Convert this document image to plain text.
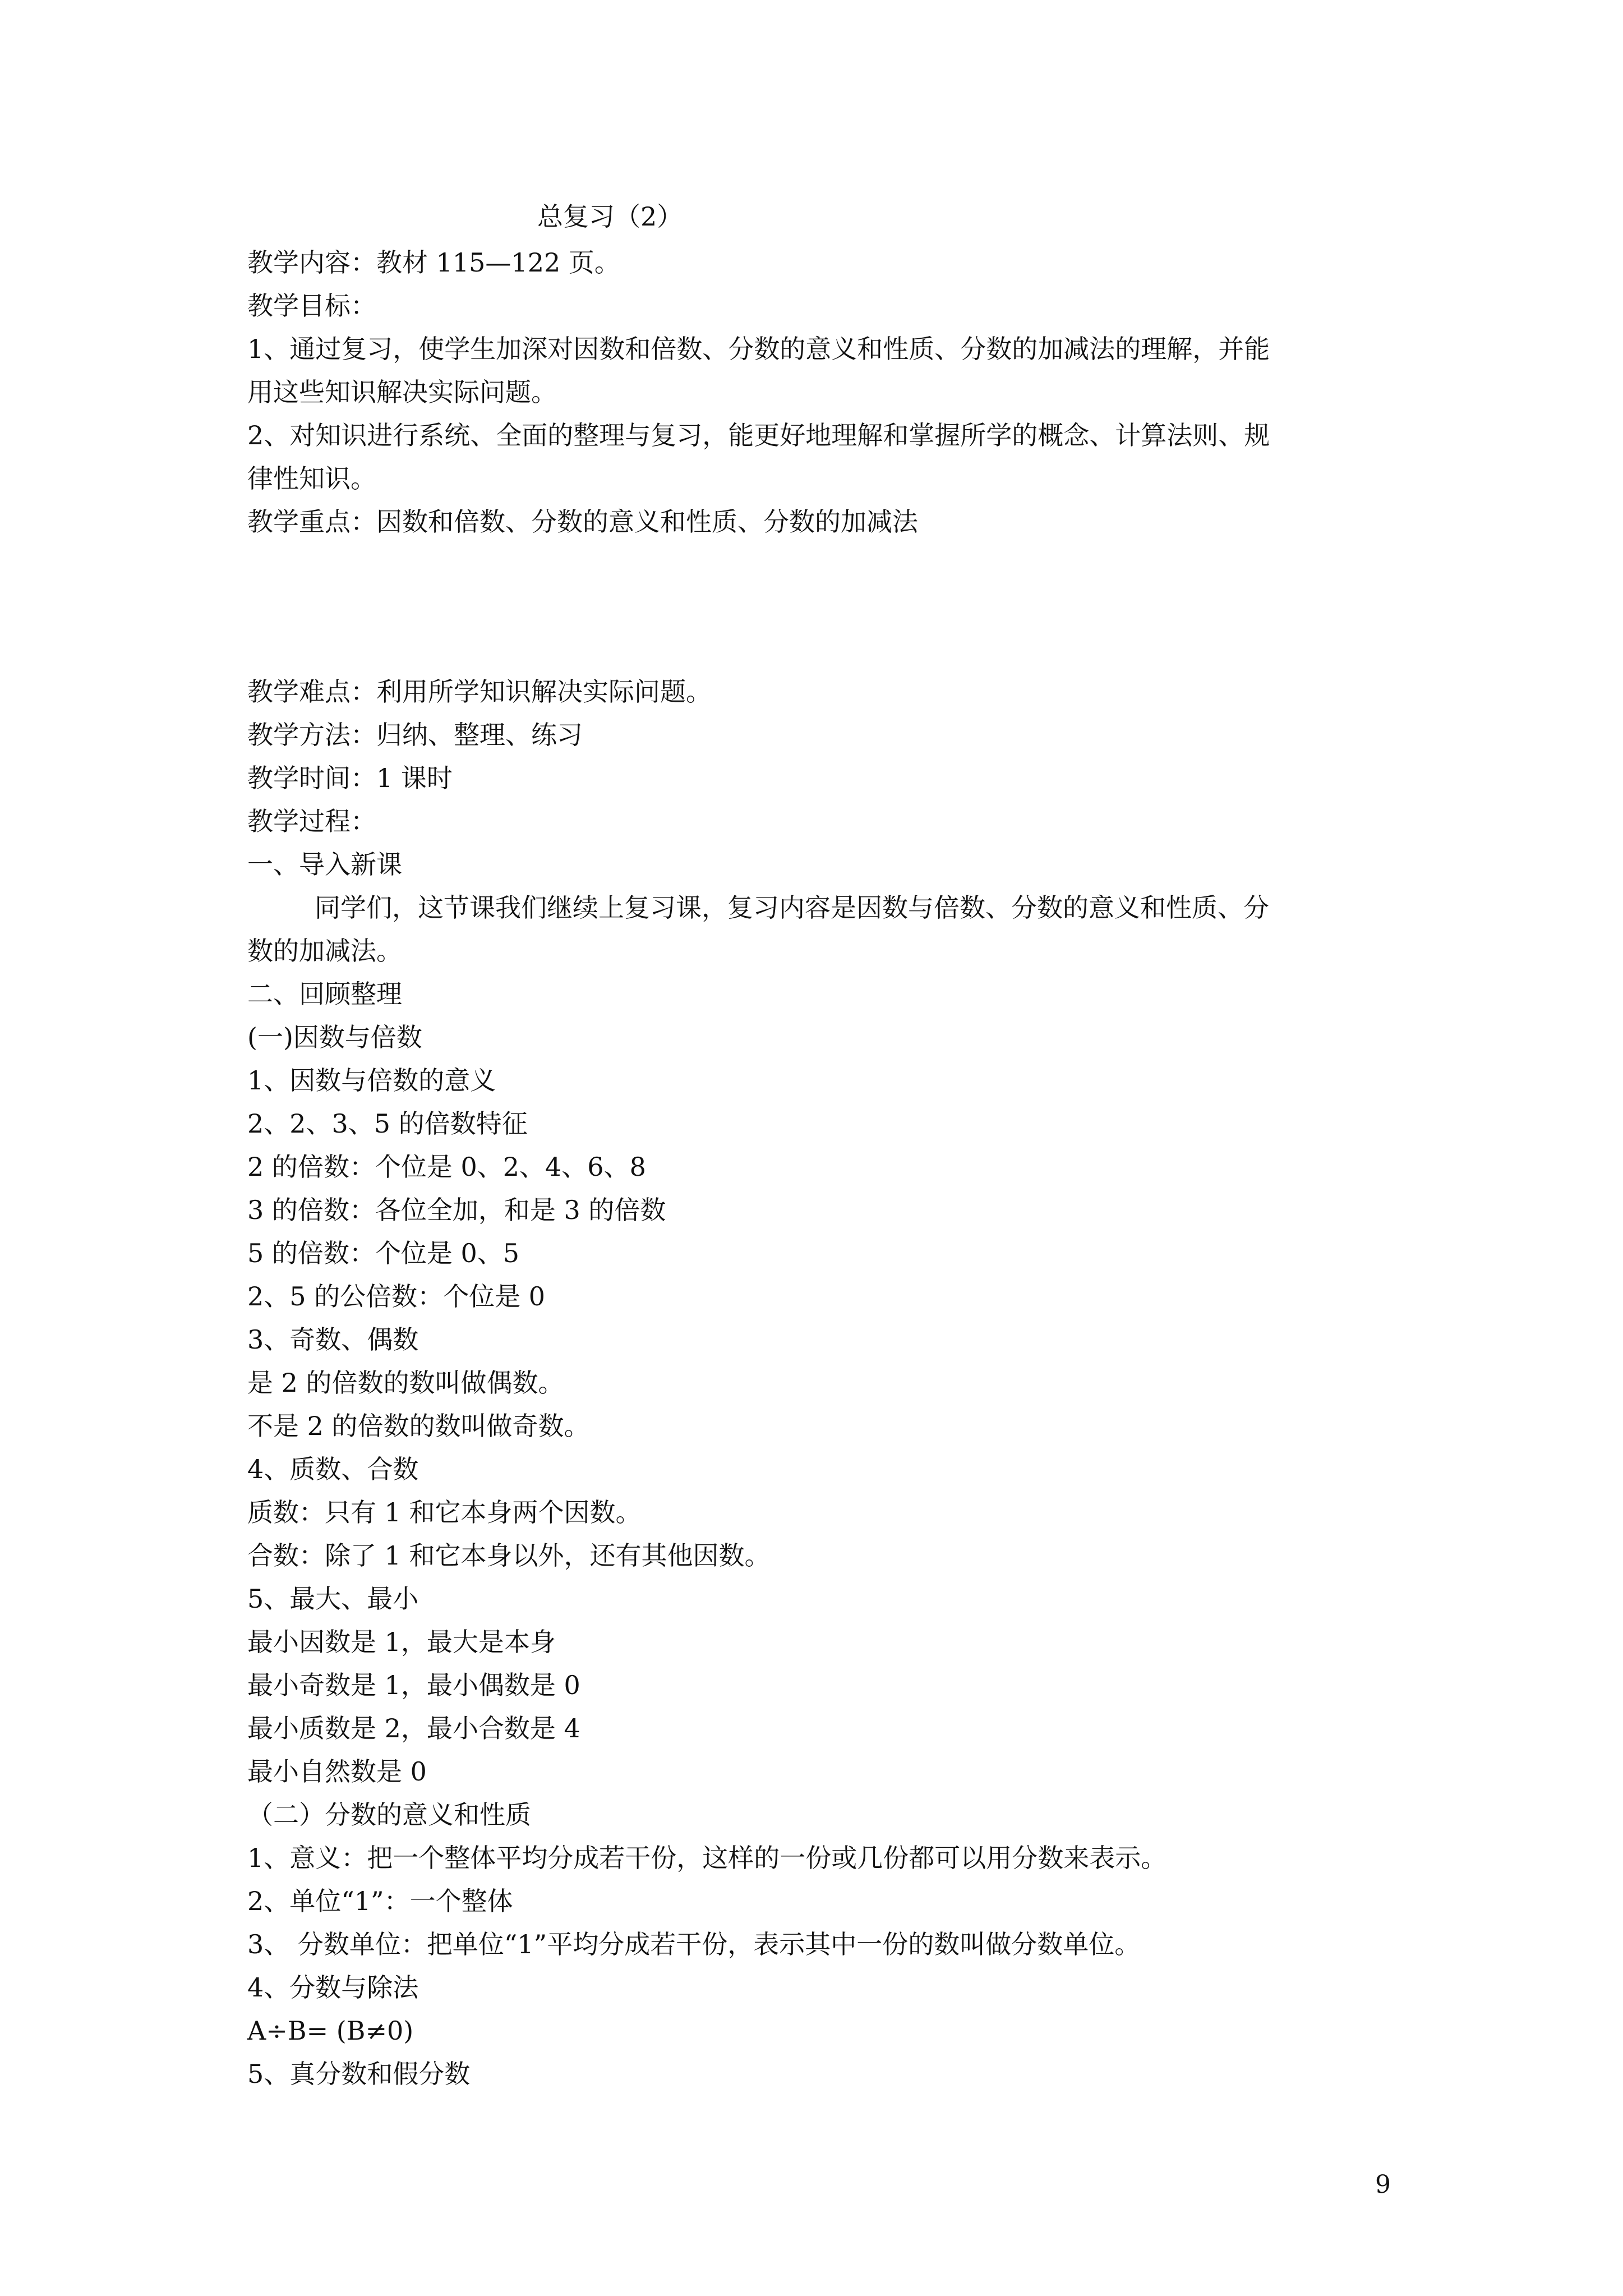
总复习（2）
教学内容：教材 115—122 页。
教学目标：
1、通过复习，使学生加深对因数和倍数、分数的意义和性质、分数的加减法的理解，并能
用这些知识解决实际问题。
2、对知识进行系统、全面的整理与复习，能更好地理解和掌握所学的概念、计算法则、规
律性知识。
教学重点：因数和倍数、分数的意义和性质、分数的加减法
教学难点：利用所学知识解决实际问题。
教学方法：归纳、整理、练习
教学时间：1 课时
教学过程：
一、导入新课
同学们，这节课我们继续上复习课，复习内容是因数与倍数、分数的意义和性质、分
数的加减法。
二、回顾整理
(一)因数与倍数
1、因数与倍数的意义
2、2、3、5 的倍数特征
2 的倍数：个位是 0、2、4、6、8
3 的倍数：各位全加，和是 3 的倍数
5 的倍数：个位是 0、5
2、5 的公倍数：个位是 0
3、奇数、偶数
是 2 的倍数的数叫做偶数。
不是 2 的倍数的数叫做奇数。
4、质数、合数
质数：只有 1 和它本身两个因数。
合数：除了 1 和它本身以外，还有其他因数。
5、最大、最小
最小因数是 1，最大是本身
最小奇数是 1，最小偶数是 0
最小质数是 2，最小合数是 4
最小自然数是 0
（二）分数的意义和性质
1、意义：把一个整体平均分成若干份，这样的一份或几份都可以用分数来表示。
2、单位“1”：一个整体
3、 分数单位：把单位“1”平均分成若干份，表示其中一份的数叫做分数单位。
4、分数与除法
A÷B= (B≠0)
5、真分数和假分数
9
